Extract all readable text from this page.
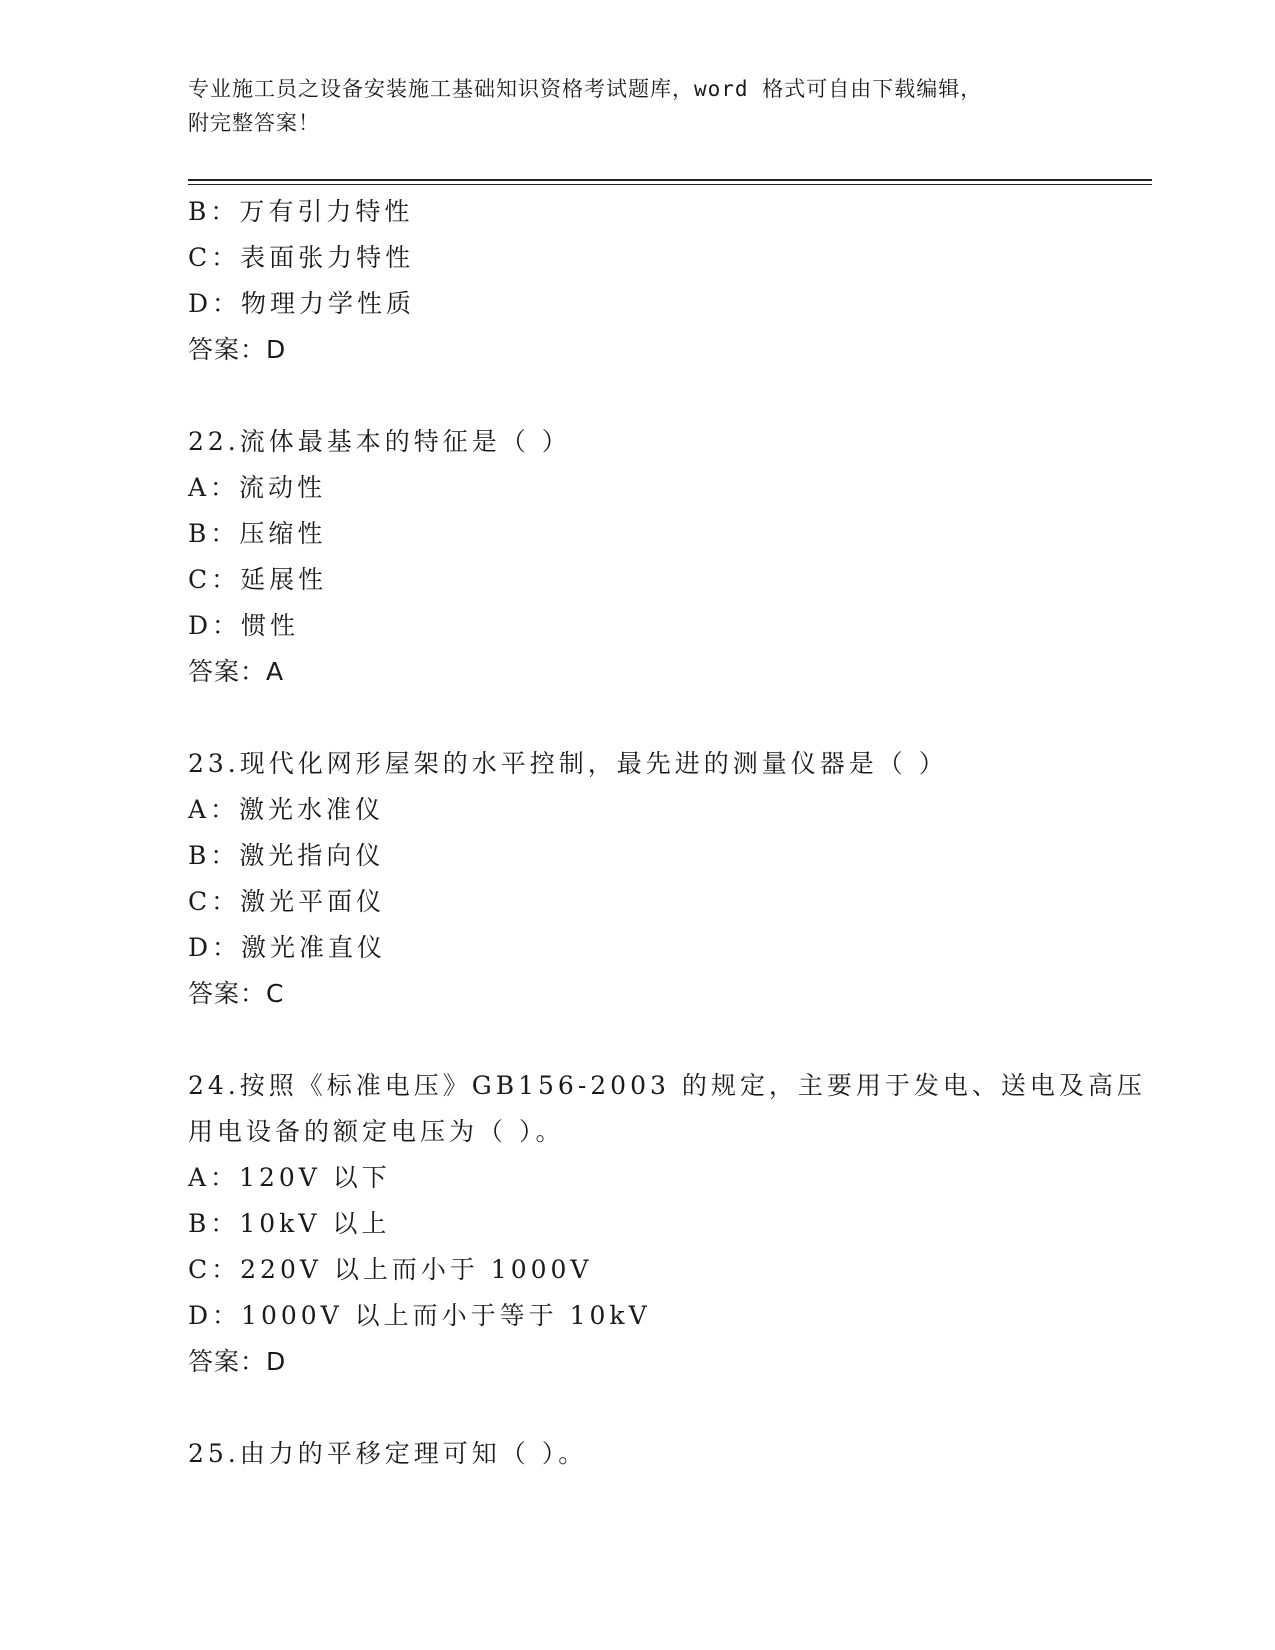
专业施工员之设备安装施工基础知识资格考试题库，word 格式可自由下载编辑，
附完整答案！
B：万有引力特性
C：表面张力特性
D：物理力学性质
答案：D
22.流体最基本的特征是（ ）
A：流动性
B：压缩性
C：延展性
D：惯性
答案：A
23.现代化网形屋架的水平控制，最先进的测量仪器是（ ）
A：激光水准仪
B：激光指向仪
C：激光平面仪
D：激光准直仪
答案：C
24.按照《标准电压》GB156-2003 的规定，主要用于发电、送电及高压
用电设备的额定电压为（ ）。
A：120V 以下
B：10kV 以上
C：220V 以上而小于 1000V
D：1000V 以上而小于等于 10kV
答案：D
25.由力的平移定理可知（ ）。
